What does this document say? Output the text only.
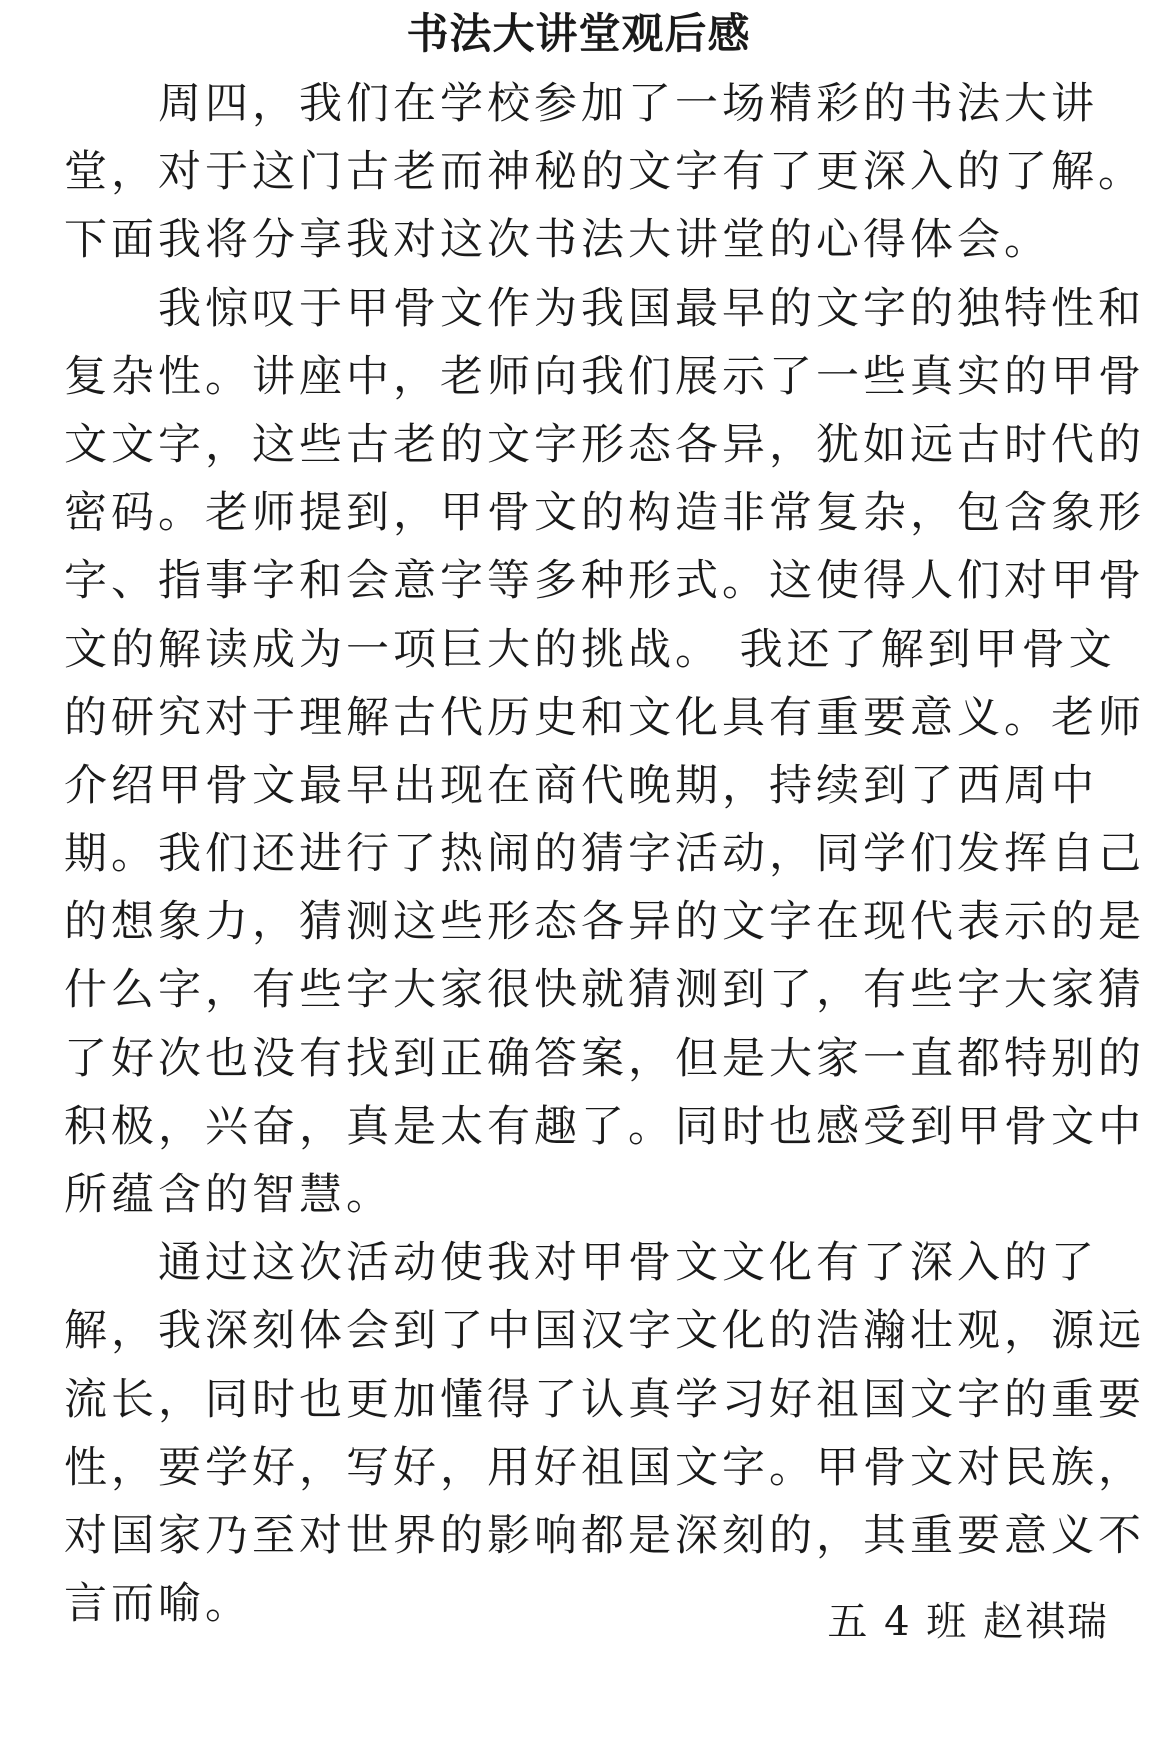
书法大讲堂观后感
　　周四，我们在学校参加了一场精彩的书法大讲
堂，对于这门古老而神秘的文字有了更深入的了解。
下面我将分享我对这次书法大讲堂的心得体会。
　　我惊叹于甲骨文作为我国最早的文字的独特性和
复杂性。讲座中，老师向我们展示了一些真实的甲骨
文文字，这些古老的文字形态各异，犹如远古时代的
密码。老师提到，甲骨文的构造非常复杂，包含象形
字、指事字和会意字等多种形式。这使得人们对甲骨
文的解读成为一项巨大的挑战。 我还了解到甲骨文
的研究对于理解古代历史和文化具有重要意义。老师
介绍甲骨文最早出现在商代晚期，持续到了西周中
期。我们还进行了热闹的猜字活动，同学们发挥自己
的想象力，猜测这些形态各异的文字在现代表示的是
什么字，有些字大家很快就猜测到了，有些字大家猜
了好次也没有找到正确答案，但是大家一直都特别的
积极，兴奋，真是太有趣了。同时也感受到甲骨文中
所蕴含的智慧。
　　通过这次活动使我对甲骨文文化有了深入的了
解，我深刻体会到了中国汉字文化的浩瀚壮观，源远
流长，同时也更加懂得了认真学习好祖国文字的重要
性，要学好，写好，用好祖国文字。甲骨文对民族，
对国家乃至对世界的影响都是深刻的，其重要意义不
言而喻。	五 4 班 赵祺瑞
